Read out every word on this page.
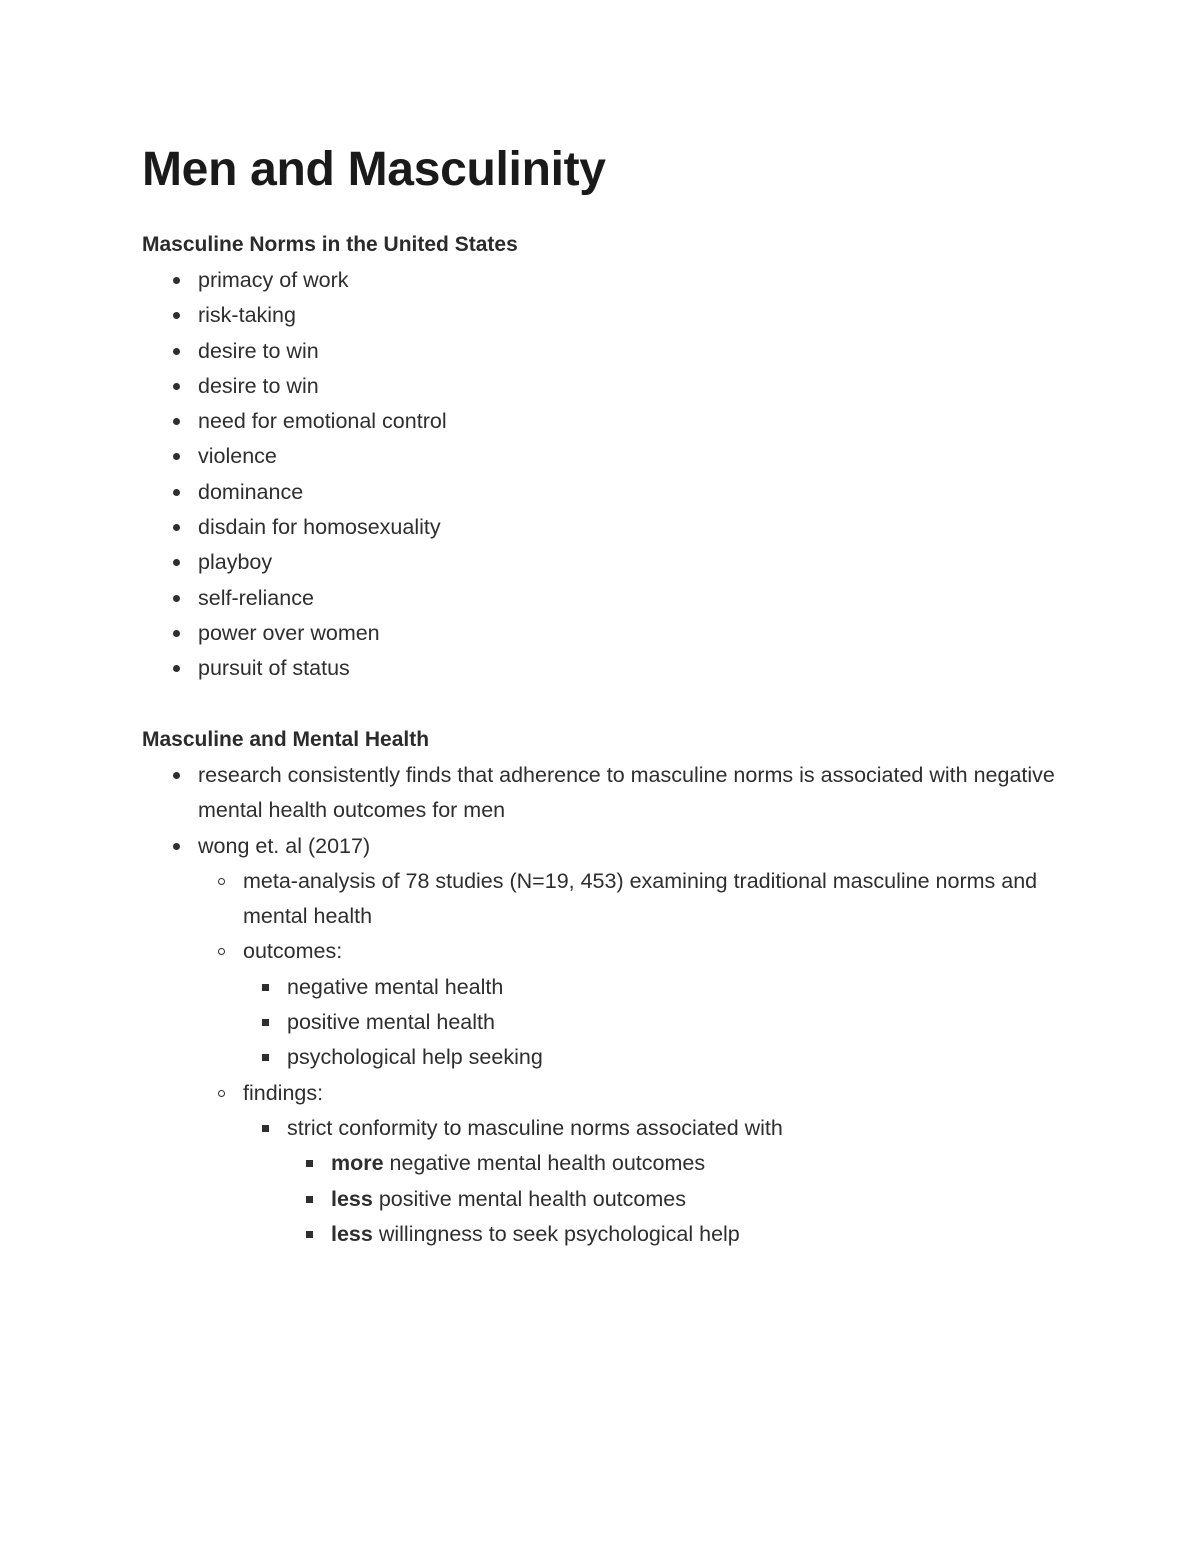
Men and Masculinity
Masculine Norms in the United States
primacy of work
risk-taking
desire to win
desire to win
need for emotional control
violence
dominance
disdain for homosexuality
playboy
self-reliance
power over women
pursuit of status
Masculine and Mental Health
research consistently finds that adherence to masculine norms is associated with negative mental health outcomes for men
wong et. al (2017)
meta-analysis of 78 studies (N=19, 453) examining traditional masculine norms and mental health
outcomes:
negative mental health
positive mental health
psychological help seeking
findings:
strict conformity to masculine norms associated with
more negative mental health outcomes
less positive mental health outcomes
less willingness to seek psychological help
